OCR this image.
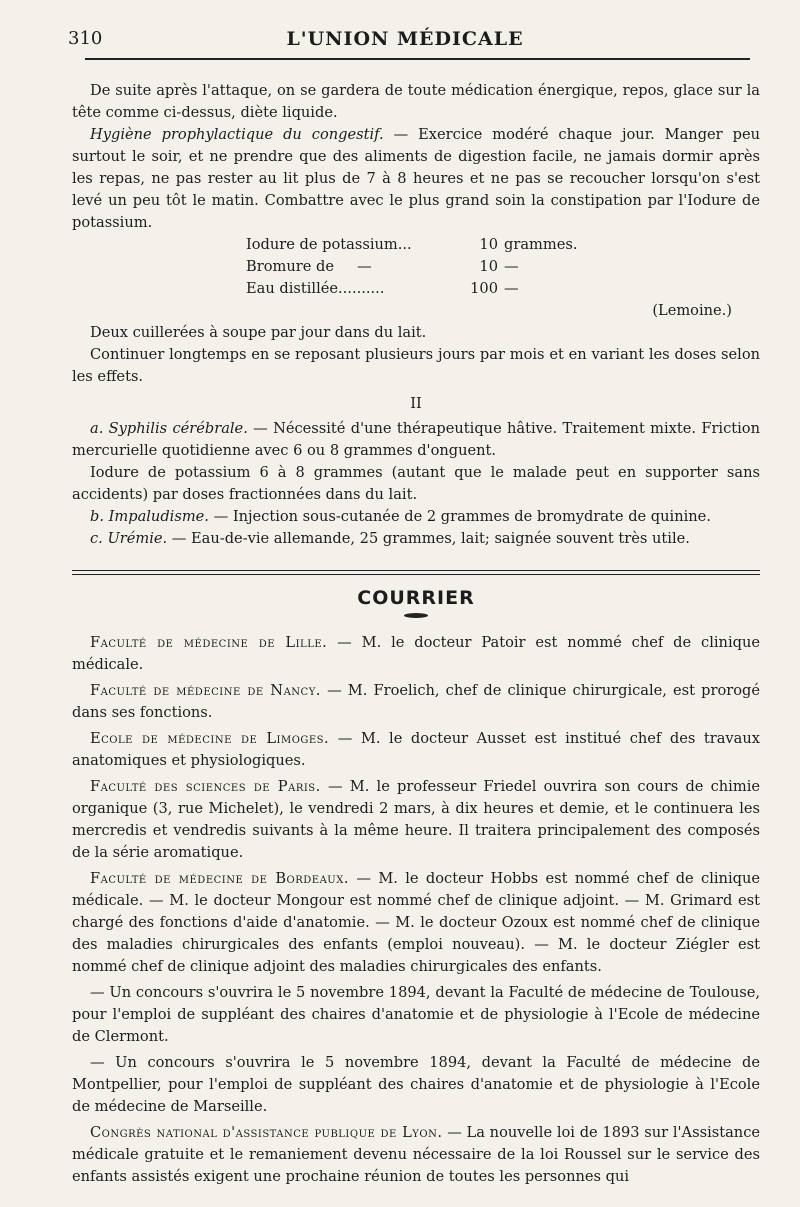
310	L'UNION MÉDICALE

De suite après l'attaque, on se gardera de toute médication énergique, repos, glace sur la tête comme ci-dessus, diète liquide.

Hygiène prophylactique du congestif. — Exercice modéré chaque jour. Manger peu surtout le soir, et ne prendre que des aliments de digestion facile, ne jamais dormir après les repas, ne pas rester au lit plus de 7 à 8 heures et ne pas se recoucher lorsqu'on s'est levé un peu tôt le matin. Combattre avec le plus grand soin la constipation par l'Iodure de potassium.

Iodure de potassium...	10 grammes.
Bromure de     —	10 —
Eau distillée..........	100 —

(Lemoine.)

Deux cuillerées à soupe par jour dans du lait.

Continuer longtemps en se reposant plusieurs jours par mois et en variant les doses selon les effets.

II

a. Syphilis cérébrale. — Nécessité d'une thérapeutique hâtive. Traitement mixte. Friction mercurielle quotidienne avec 6 ou 8 grammes d'onguent.

Iodure de potassium 6 à 8 grammes (autant que le malade peut en supporter sans accidents) par doses fractionnées dans du lait.

b. Impaludisme. — Injection sous-cutanée de 2 grammes de bromydrate de quinine.

c. Urémie. — Eau-de-vie allemande, 25 grammes, lait; saignée souvent très utile.

COURRIER

Faculté de médecine de Lille. — M. le docteur Patoir est nommé chef de clinique médicale.

Faculté de médecine de Nancy. — M. Froelich, chef de clinique chirurgicale, est prorogé dans ses fonctions.

Ecole de médecine de Limoges. — M. le docteur Ausset est institué chef des travaux anatomiques et physiologiques.

Faculté des sciences de Paris. — M. le professeur Friedel ouvrira son cours de chimie organique (3, rue Michelet), le vendredi 2 mars, à dix heures et demie, et le continuera les mercredis et vendredis suivants à la même heure. Il traitera principalement des composés de la série aromatique.

Faculté de médecine de Bordeaux. — M. le docteur Hobbs est nommé chef de clinique médicale. — M. le docteur Mongour est nommé chef de clinique adjoint. — M. Grimard est chargé des fonctions d'aide d'anatomie. — M. le docteur Ozoux est nommé chef de clinique des maladies chirurgicales des enfants (emploi nouveau). — M. le docteur Ziégler est nommé chef de clinique adjoint des maladies chirurgicales des enfants.

— Un concours s'ouvrira le 5 novembre 1894, devant la Faculté de médecine de Toulouse, pour l'emploi de suppléant des chaires d'anatomie et de physiologie à l'Ecole de médecine de Clermont.

— Un concours s'ouvrira le 5 novembre 1894, devant la Faculté de médecine de Montpellier, pour l'emploi de suppléant des chaires d'anatomie et de physiologie à l'Ecole de médecine de Marseille.

Congrès national d'assistance publique de Lyon. — La nouvelle loi de 1893 sur l'Assistance médicale gratuite et le remaniement devenu nécessaire de la loi Roussel sur le service des enfants assistés exigent une prochaine réunion de toutes les personnes qui
